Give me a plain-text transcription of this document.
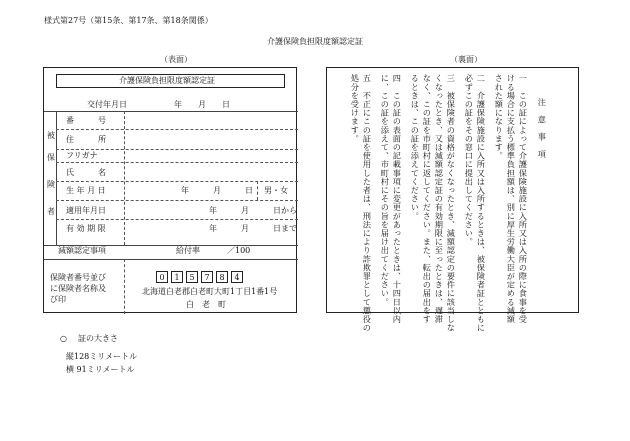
様式第27号（第15条、第17条、第18条関係）
介護保険負担限度額認定証
（表面）	（裏面）
介護保険負担限度額認定証
交付年月日	年　　月　　日
被
保
険
者
番　　　号
住　　　所
フリガナ
氏　　　名
生 年 月 日	年　　　月　　　日 男・女
適用年月日	年　　　月　　　日から
有 効 期 限	年　　　月　　　日まで
減額認定事項	給付率	／100
保険者番号並び
に保険者名称及
び印
0	1	5	7	8	4
北海道白老郡白老町大町1丁目1番1号
白　老　町
注　意　事　項
一　この証によって介護保険施設に入所又は入所の際に食事を受
ける場合に支払う標準負担額は、別に厚生労働大臣が定める減額
された額になります。
二　介護保険施設に入所又は入所するときは、被保険者証とともに
必ずこの証をその窓口に提出してください。
三　被保険者の資格がなくなったとき、減額認定の要件に該当しな
くなったとき、又は減額認定証の有効期限に至ったときは、遅滞
なく、この証を市町村に返してください。また、転出の届出をす
るときは、この証を添えてください。
四　この証の表面の記載事項に変更があったときは、十四日以内
に、この証を添えて、市町村にその旨を届け出てください。
五　不正にこの証を使用した者は、刑法により詐欺罪として懲役の
処分を受けます。
○ 証の大きさ
縦128ミリメートル
横 91ミリメートル
